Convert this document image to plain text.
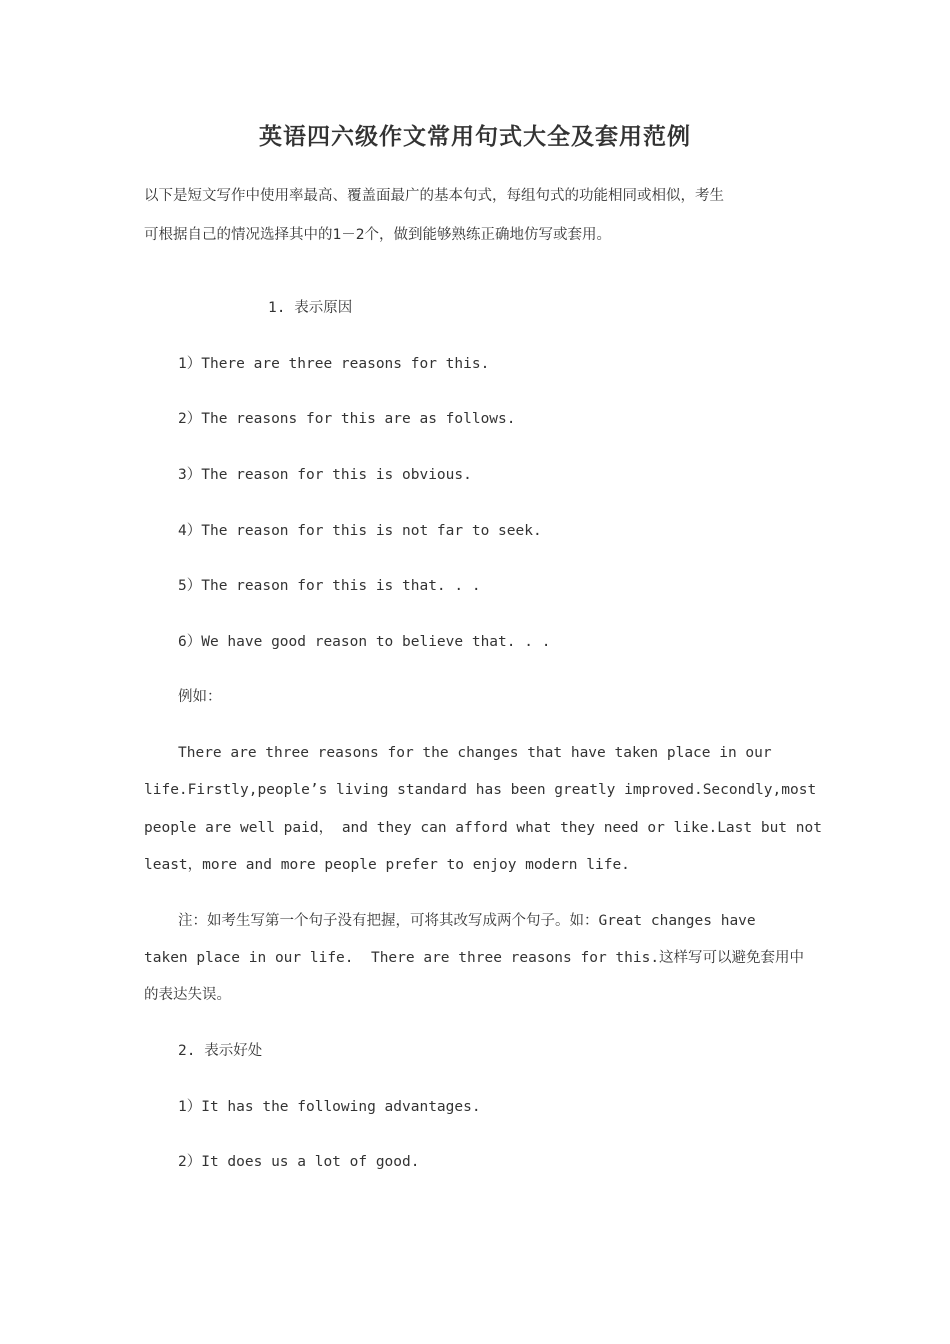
英语四六级作文常用句式大全及套用范例
以下是短文写作中使用率最高、覆盖面最广的基本句式，每组句式的功能相同或相似，考生
可根据自己的情况选择其中的1－2个，做到能够熟练正确地仿写或套用。
1. 表示原因
1）There are three reasons for this.
2）The reasons for this are as follows.
3）The reason for this is obvious.
4）The reason for this is not far to seek.
5）The reason for this is that. . .
6）We have good reason to believe that. . .
例如：
There are three reasons for the changes that have taken place in our
life.Firstly,people’s living standard has been greatly improved.Secondly,most
people are well paid， and they can afford what they need or like.Last but not
least，more and more people prefer to enjoy modern life.
注：如考生写第一个句子没有把握，可将其改写成两个句子。如：Great changes have
taken place in our life.  There are three reasons for this.这样写可以避免套用中
的表达失误。
2. 表示好处
1）It has the following advantages.
2）It does us a lot of good.
